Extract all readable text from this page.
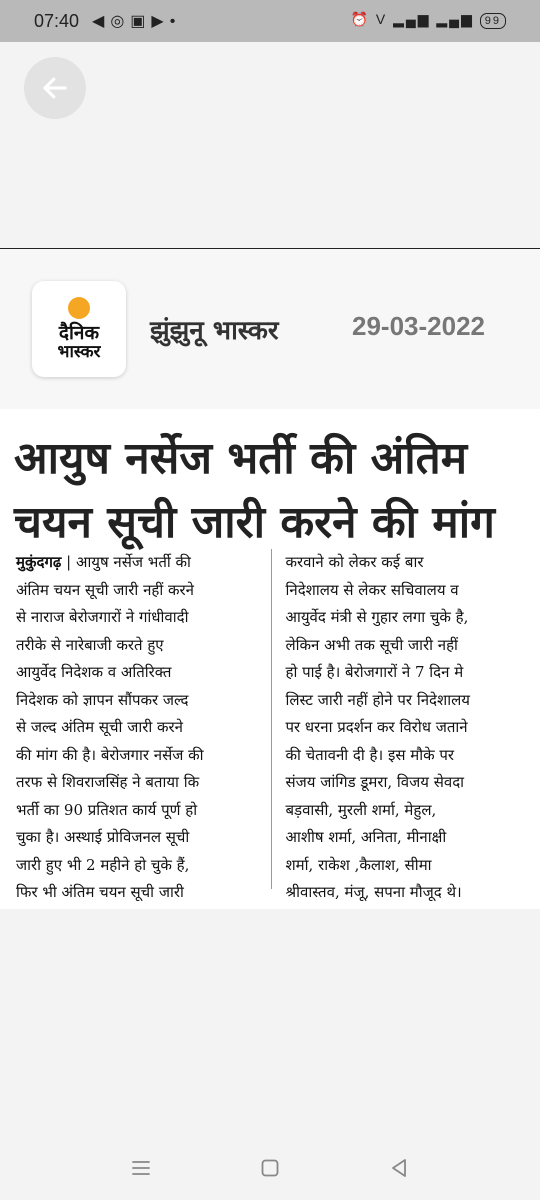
07:40 ◀◎▣▶•	⏰ V ▂▄▆ ▂▄▆ 99
दैनिक
भास्कर
झुंझुनू भास्कर	29-03-2022
आयुष नर्सेज भर्ती की अंतिम
चयन सूची जारी करने की मांग
मुकुंदगढ़ | आयुष नर्सेज भर्ती की
अंतिम चयन सूची जारी नहीं करने
से नाराज बेरोजगारों ने गांधीवादी
तरीके से नारेबाजी करते हुए
आयुर्वेद निदेशक व अतिरिक्त
निदेशक को ज्ञापन सौंपकर जल्द
से जल्द अंतिम सूची जारी करने
की मांग की है। बेरोजगार नर्सेज की
तरफ से शिवराजसिंह ने बताया कि
भर्ती का 90 प्रतिशत कार्य पूर्ण हो
चुका है। अस्थाई प्रोविजनल सूची
जारी हुए भी 2 महीने हो चुके हैं,
फिर भी अंतिम चयन सूची जारी
करवाने को लेकर कई बार
निदेशालय से लेकर सचिवालय व
आयुर्वेद मंत्री से गुहार लगा चुके है,
लेकिन अभी तक सूची जारी नहीं
हो पाई है। बेरोजगारों ने 7 दिन मे
लिस्ट जारी नहीं होने पर निदेशालय
पर धरना प्रदर्शन कर विरोध जताने
की चेतावनी दी है। इस मौके पर
संजय जांगिड डूमरा, विजय सेवदा
बड़वासी, मुरली शर्मा, मेहुल,
आशीष शर्मा, अनिता, मीनाक्षी
शर्मा, राकेश ,कैलाश, सीमा
श्रीवास्तव, मंजू, सपना मौजूद थे।
